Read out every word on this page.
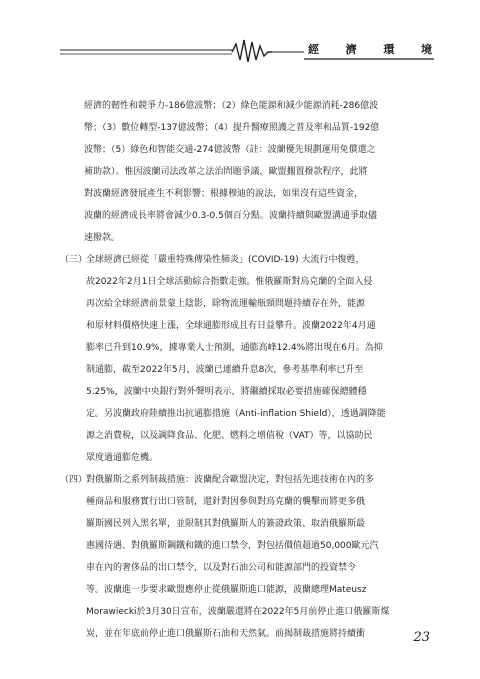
經 濟 環 境
經濟的韌性和競爭力-186億波幣；（2）綠色能源和減少能源消耗-286億波
幣；（3）數位轉型-137億波幣；（4）提升醫療照護之普及率和品質-192億
波幣；（5）綠色和智能交通-274億波幣（註：波蘭優先規劃運用免償還之
補助款）。惟因波蘭司法改革之法治問題爭議，歐盟擱置撥款程序，此將
對波蘭經濟發展產生不利影響；根據穆迪的說法，如果沒有這些資金，
波蘭的經濟成長率將會減少0.3-0.5個百分點。波蘭持續與歐盟溝通爭取儘
速撥款。
（三）
全球經濟已經從「嚴重特殊傳染性肺炎」(COVID-19) 大流行中復甦，
故2022年2月1日全球活動綜合指數走強。惟俄羅斯對烏克蘭的全面入侵
再次給全球經濟前景蒙上陰影，除物流運輸瓶頸問題持續存在外，能源
和原材料價格快速上漲，全球通膨形成且有日益攀升。波蘭2022年4月通
膨率已升到10.9%，據專業人士預測，通膨高峰12.4%將出現在6月。為抑
制通膨，截至2022年5月，波蘭已連續升息8次，參考基準利率已升至
5.25%，波蘭中央銀行對外聲明表示，將繼續採取必要措施確保總體穩
定。另波蘭政府陸續推出抗通膨措施（Anti-inflation Shield），透過調降能
源之消費稅，以及調降食品、化肥、燃料之增值稅（VAT）等，以協助民
眾度過通膨危機。
（四）
對俄羅斯之系列制裁措施：波蘭配合歐盟決定，對包括先進技術在內的多
種商品和服務實行出口管制，還針對因參與對烏克蘭的襲擊而將更多俄
羅斯國民列入黑名單，並限制其對俄羅斯人的簽證政策、取消俄羅斯最
惠國待遇、對俄羅斯鋼鐵和鐵的進口禁令，對包括價值超過50,000歐元汽
車在內的奢侈品的出口禁令，以及對石油公司和能源部門的投資禁令
等。波蘭進一步要求歐盟應停止從俄羅斯進口能源，波蘭總理Mateusz
Morawiecki於3月30日宣布，波蘭嚴還將在2022年5月前停止進口俄羅斯煤
炭，並在年底前停止進口俄羅斯石油和天然氣。前揭制裁措施將持續衝	23
